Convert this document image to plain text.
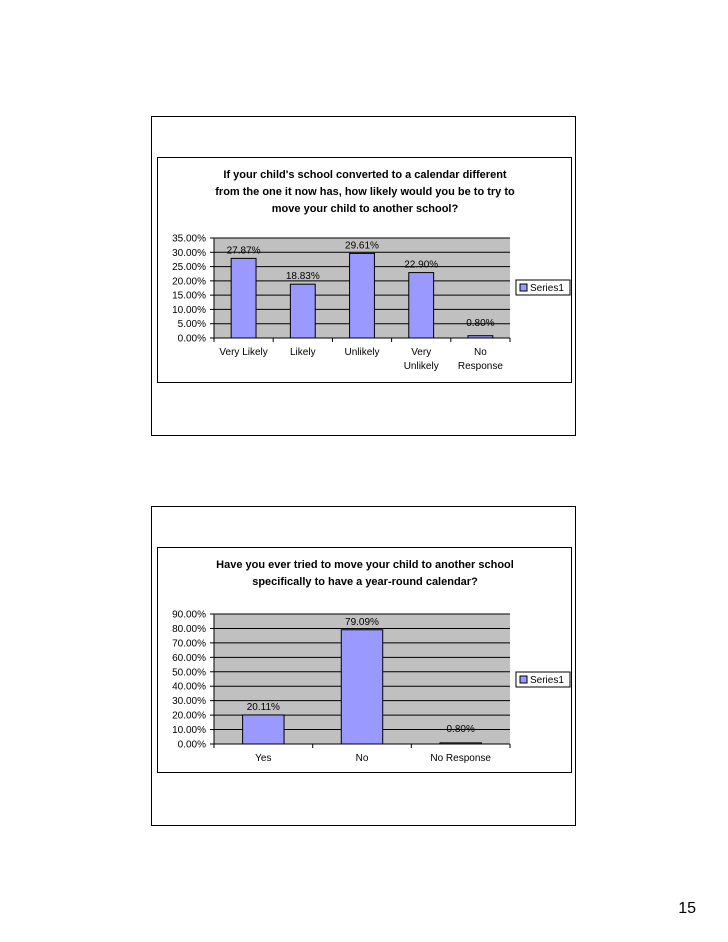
If your child's school converted to a calendar different
from the one it now has, how likely would you be to try to
move your child to another school?
35.00%
30.00%
25.00%
20.00%
15.00%
10.00%
5.00%
0.00%
27.87%
Very Likely
18.83%
Likely
29.61%
Unlikely
22.90%
Very
Unlikely
0.80%
No
Response
Series1
Have you ever tried to move your child to another school
specifically to have a year-round calendar?
90.00%
80.00%
70.00%
60.00%
50.00%
40.00%
30.00%
20.00%
10.00%
0.00%
20.11%
Yes
79.09%
No
0.80%
No Response
Series1
15
